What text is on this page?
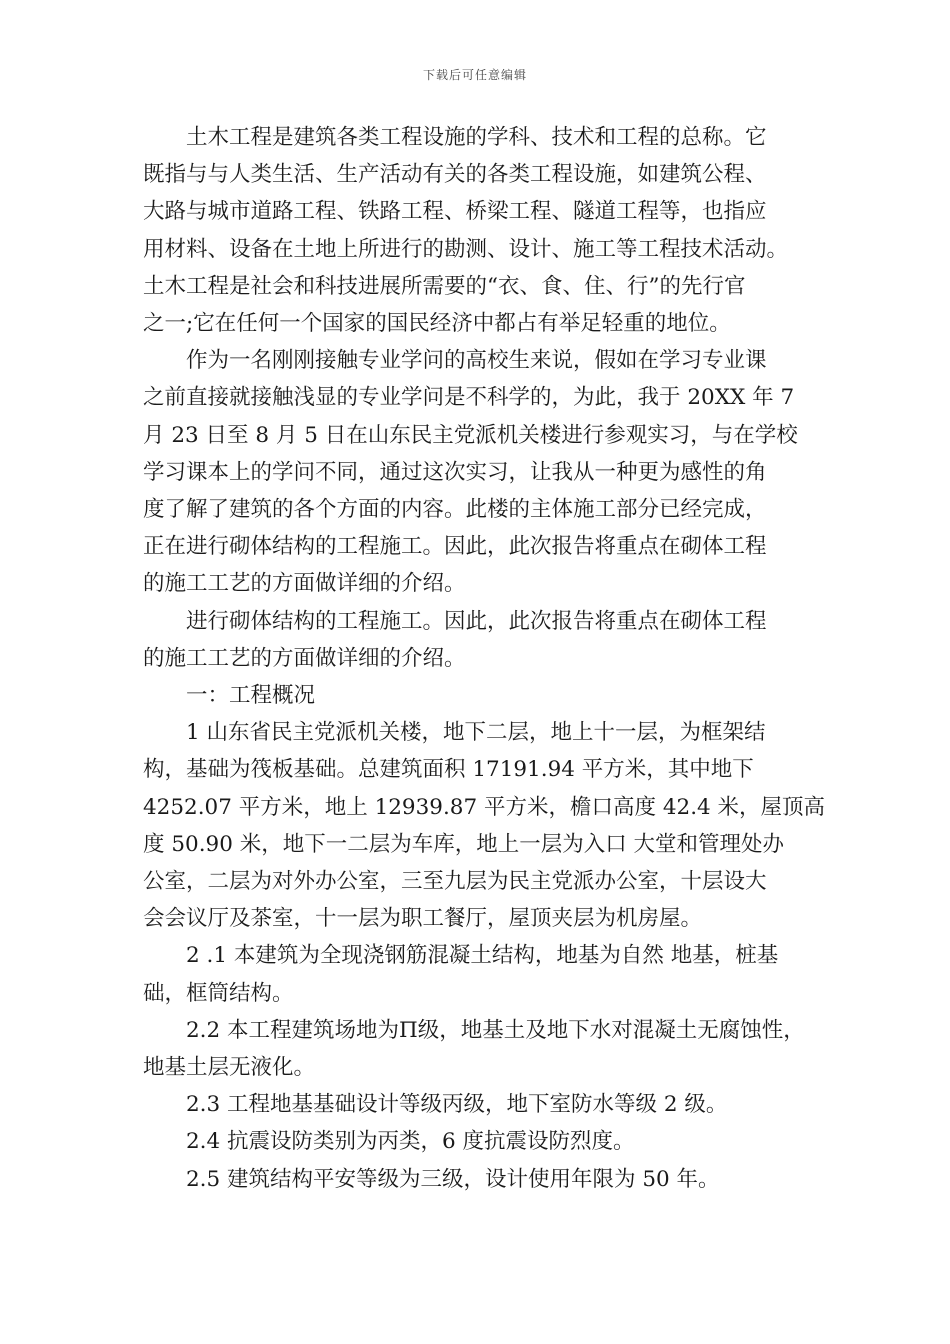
下载后可任意编辑

土木工程是建筑各类工程设施的学科、技术和工程的总称。它
既指与与人类生活、生产活动有关的各类工程设施，如建筑公程、
大路与城市道路工程、铁路工程、桥梁工程、隧道工程等，也指应
用材料、设备在土地上所进行的勘测、设计、施工等工程技术活动。
土木工程是社会和科技进展所需要的“衣、食、住、行”的先行官
之一;它在任何一个国家的国民经济中都占有举足轻重的地位。

作为一名刚刚接触专业学问的高校生来说，假如在学习专业课
之前直接就接触浅显的专业学问是不科学的，为此，我于 20XX 年 7
月 23 日至 8 月 5 日在山东民主党派机关楼进行参观实习，与在学校
学习课本上的学问不同，通过这次实习，让我从一种更为感性的角
度了解了建筑的各个方面的内容。此楼的主体施工部分已经完成，
正在进行砌体结构的工程施工。因此，此次报告将重点在砌体工程
的施工工艺的方面做详细的介绍。

进行砌体结构的工程施工。因此，此次报告将重点在砌体工程
的施工工艺的方面做详细的介绍。

一：工程概况

1 山东省民主党派机关楼，地下二层，地上十一层，为框架结
构，基础为筏板基础。总建筑面积 17191.94 平方米，其中地下
4252.07 平方米，地上 12939.87 平方米，檐口高度 42.4 米，屋顶高
度 50.90 米，地下一二层为车库，地上一层为入口 大堂和管理处办
公室，二层为对外办公室，三至九层为民主党派办公室，十层设大
会会议厅及茶室，十一层为职工餐厅，屋顶夹层为机房屋。

2 .1 本建筑为全现浇钢筋混凝土结构，地基为自然 地基，桩基
础，框筒结构。

2.2 本工程建筑场地为Π级，地基土及地下水对混凝土无腐蚀性，
地基土层无液化。

2.3 工程地基基础设计等级丙级，地下室防水等级 2 级。

2.4 抗震设防类别为丙类，6 度抗震设防烈度。

2.5 建筑结构平安等级为三级，设计使用年限为 50 年。
